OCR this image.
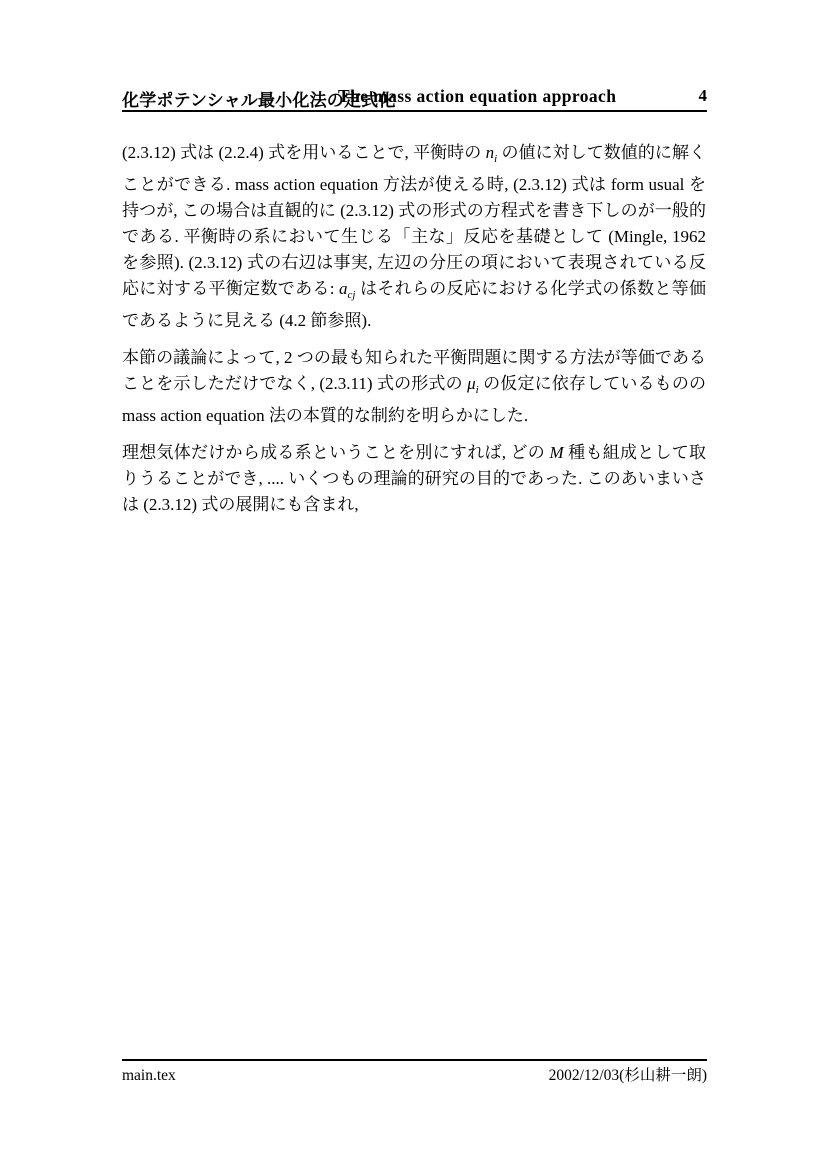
化学ポテンシャル最小化法の定式化
The mass action equation approach	4

(2.3.12) 式は (2.2.4) 式を用いることで, 平衡時の $n_i$ の値に対して数値的に解くことができる. mass action equation 方法が使える時, (2.3.12) 式は form usual を持つが, この場合は直観的に (2.3.12) 式の形式の方程式を書き下しのが一般的である. 平衡時の系において生じる「主な」反応を基礎として (Mingle, 1962 を参照). (2.3.12) 式の右辺は事実, 左辺の分圧の項において表現されている反応に対する平衡定数である: $a_{cj}$ はそれらの反応における化学式の係数と等価であるように見える (4.2 節参照).

本節の議論によって, 2 つの最も知られた平衡問題に関する方法が等価であることを示しただけでなく, (2.3.11) 式の形式の $\mu_i$ の仮定に依存しているものの mass action equation 法の本質的な制約を明らかにした.

理想気体だけから成る系ということを別にすれば, どの M 種も組成として取りうることができ, .... いくつもの理論的研究の目的であった. このあいまいさは (2.3.12) 式の展開にも含まれ,

main.tex	2002/12/03(杉山耕一朗)
